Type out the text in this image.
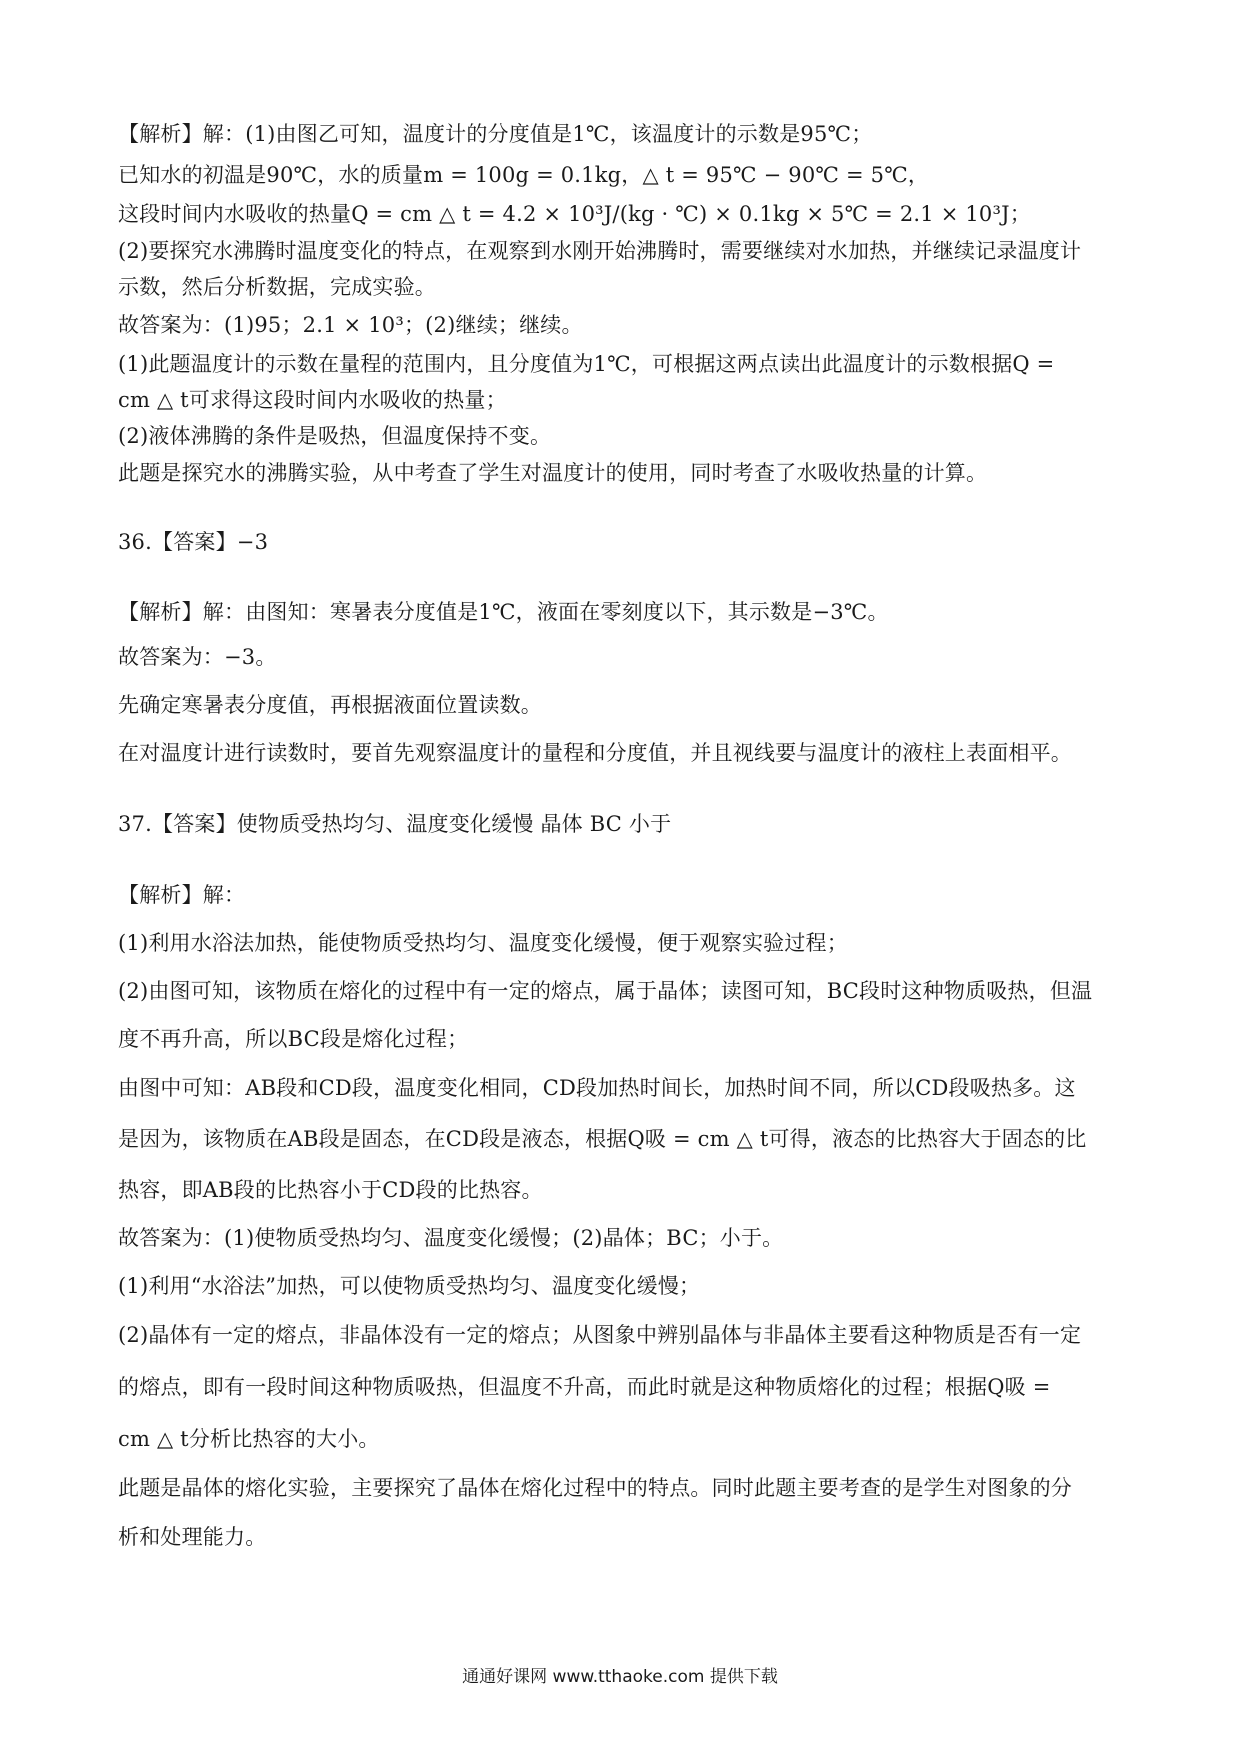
【解析】解：(1)由图乙可知，温度计的分度值是1℃，该温度计的示数是95℃；
已知水的初温是90℃，水的质量m = 100g = 0.1kg，△ t = 95℃ − 90℃ = 5℃，
这段时间内水吸收的热量Q = cm △ t = 4.2 × 10³J/(kg · ℃) × 0.1kg × 5℃ = 2.1 × 10³J；
(2)要探究水沸腾时温度变化的特点，在观察到水刚开始沸腾时，需要继续对水加热，并继续记录温度计
示数，然后分析数据，完成实验。
故答案为：(1)95；2.1 × 10³；(2)继续；继续。
(1)此题温度计的示数在量程的范围内，且分度值为1℃，可根据这两点读出此温度计的示数根据Q =
cm △ t可求得这段时间内水吸收的热量；
(2)液体沸腾的条件是吸热，但温度保持不变。
此题是探究水的沸腾实验，从中考查了学生对温度计的使用，同时考查了水吸收热量的计算。
36.【答案】−3
【解析】解：由图知：寒暑表分度值是1℃，液面在零刻度以下，其示数是−3℃。
故答案为：−3。
先确定寒暑表分度值，再根据液面位置读数。
在对温度计进行读数时，要首先观察温度计的量程和分度值，并且视线要与温度计的液柱上表面相平。
37.【答案】使物质受热均匀、温度变化缓慢 晶体 BC 小于
【解析】解：
(1)利用水浴法加热，能使物质受热均匀、温度变化缓慢，便于观察实验过程；
(2)由图可知，该物质在熔化的过程中有一定的熔点，属于晶体；读图可知，BC段时这种物质吸热，但温
度不再升高，所以BC段是熔化过程；
由图中可知：AB段和CD段，温度变化相同，CD段加热时间长，加热时间不同，所以CD段吸热多。这
是因为，该物质在AB段是固态，在CD段是液态，根据Q吸 = cm △ t可得，液态的比热容大于固态的比
热容，即AB段的比热容小于CD段的比热容。
故答案为：(1)使物质受热均匀、温度变化缓慢；(2)晶体；BC；小于。
(1)利用“水浴法”加热，可以使物质受热均匀、温度变化缓慢；
(2)晶体有一定的熔点，非晶体没有一定的熔点；从图象中辨别晶体与非晶体主要看这种物质是否有一定
的熔点，即有一段时间这种物质吸热，但温度不升高，而此时就是这种物质熔化的过程；根据Q吸 =
cm △ t分析比热容的大小。
此题是晶体的熔化实验，主要探究了晶体在熔化过程中的特点。同时此题主要考查的是学生对图象的分
析和处理能力。
通通好课网 www.tthaoke.com 提供下载
